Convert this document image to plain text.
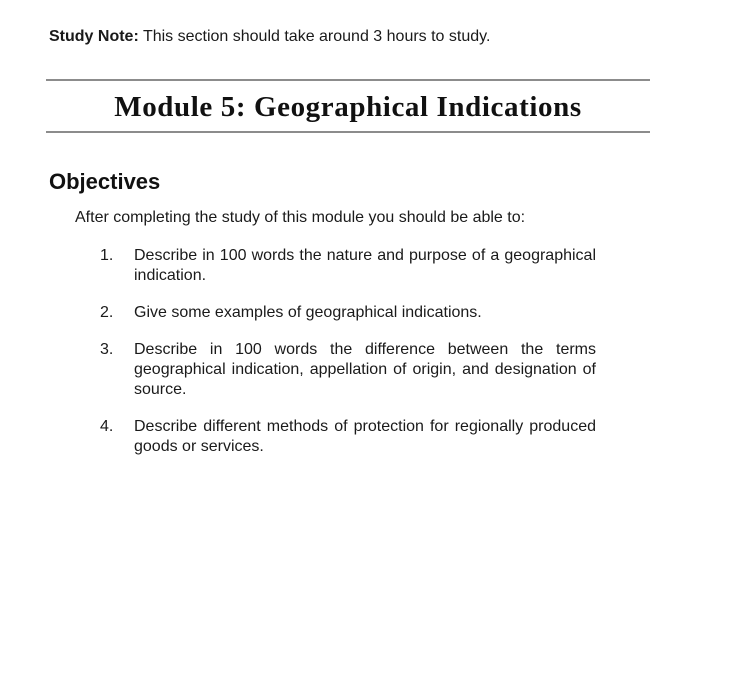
Study Note: This section should take around 3 hours to study.
Module 5: Geographical Indications
Objectives
After completing the study of this module you should be able to:
1.	Describe in 100 words the nature and purpose of a geographical indication.
2.	Give some examples of geographical indications.
3.	Describe in 100 words the difference between the terms geographical indication, appellation of origin, and designation of source.
4.	Describe different methods of protection for regionally produced goods or services.
